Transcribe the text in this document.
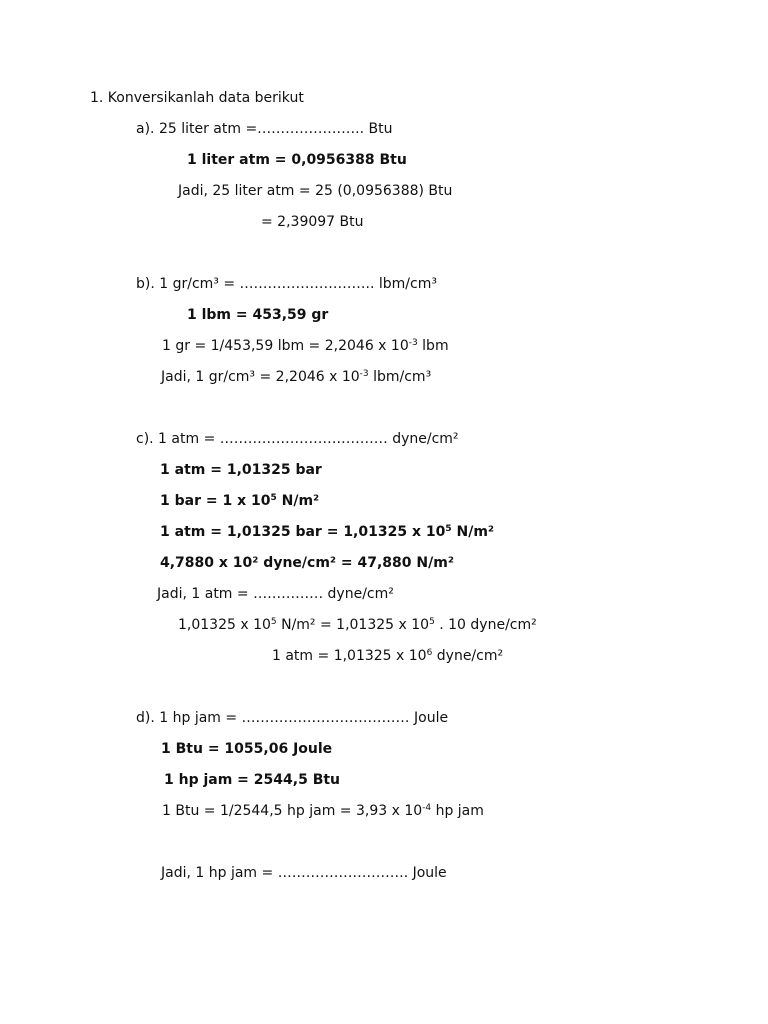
1. Konversikanlah data berikut
a). 25 liter atm =………………….. Btu
1 liter atm = 0,0956388 Btu
Jadi, 25 liter atm = 25 (0,0956388) Btu
= 2,39097 Btu
b). 1 gr/cm³ = ……………………….. lbm/cm³
1 lbm = 453,59 gr
1 gr = 1/453,59 lbm = 2,2046 x $10^{-3}$ lbm
Jadi, 1 gr/cm³ = 2,2046 x $10^{-3}$ lbm/cm³
c). 1 atm = ……………………………… dyne/cm²
1 atm = 1,01325 bar
1 bar = 1 x $10^5$ N/m²
1 atm = 1,01325 bar = 1,01325 x $10^5$ N/m²
4,7880 x 10² dyne/cm² = 47,880 N/m²
Jadi, 1 atm = …………… dyne/cm²
1,01325 x $10^5$ N/m² = 1,01325 x $10^5$ . 10 dyne/cm²
1 atm = 1,01325 x $10^6$ dyne/cm²
d). 1 hp jam = ……………………………… Joule
1 Btu = 1055,06 Joule
1 hp jam = 2544,5 Btu
1 Btu = 1/2544,5 hp jam = 3,93 x $10^{-4}$ hp jam
Jadi, 1 hp jam = ………………………. Joule
